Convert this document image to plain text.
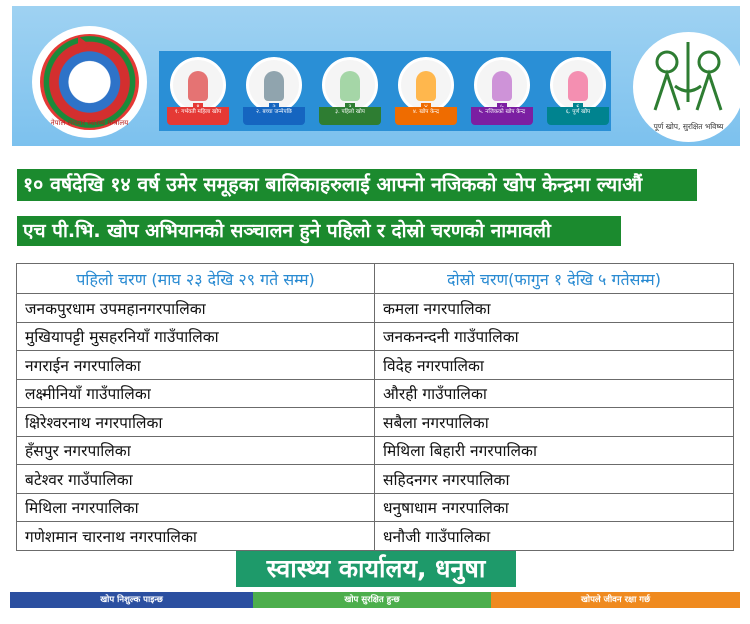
नेपाल सरकार स्वास्थ्य मन्त्रालय
१. गर्भवती महिला खोप	२. बच्चा जन्मेपछि	३. पहिलो खोप	४. खोप केन्द्र	५. नजिकको खोप केन्द्र	६. पूर्ण खोप
पूर्ण खोप, सुरक्षित भविष्य
१० वर्षदेखि १४ वर्ष उमेर समूहका बालिकाहरुलाई आफ्नो नजिकको खोप केन्द्रमा ल्याऔं
एच पी.भि. खोप अभियानको सञ्चालन हुने पहिलो र दोस्रो चरणको नामावली
पहिलो चरण (माघ २३ देखि २९ गते सम्म)	दोस्रो चरण(फागुन १ देखि ५ गतेसम्म)
जनकपुरधाम उपमहानगरपालिका	कमला नगरपालिका
मुखियापट्टी मुसहरनियाँ गाउँपालिका	जनकनन्दनी गाउँपालिका
नगराईन नगरपालिका	विदेह नगरपालिका
लक्ष्मीनियाँ गाउँपालिका	औरही गाउँपालिका
क्षिरेश्वरनाथ नगरपालिका	सबैला नगरपालिका
हँसपुर नगरपालिका	मिथिला बिहारी नगरपालिका
बटेश्वर गाउँपालिका	सहिदनगर नगरपालिका
मिथिला नगरपालिका	धनुषाधाम नगरपालिका
गणेशमान चारनाथ नगरपालिका	धनौजी गाउँपालिका
स्वास्थ्य कार्यालय, धनुषा
खोप निशुल्क पाइन्छ	खोप सुरक्षित हुन्छ	खोपले जीवन रक्षा गर्छ
